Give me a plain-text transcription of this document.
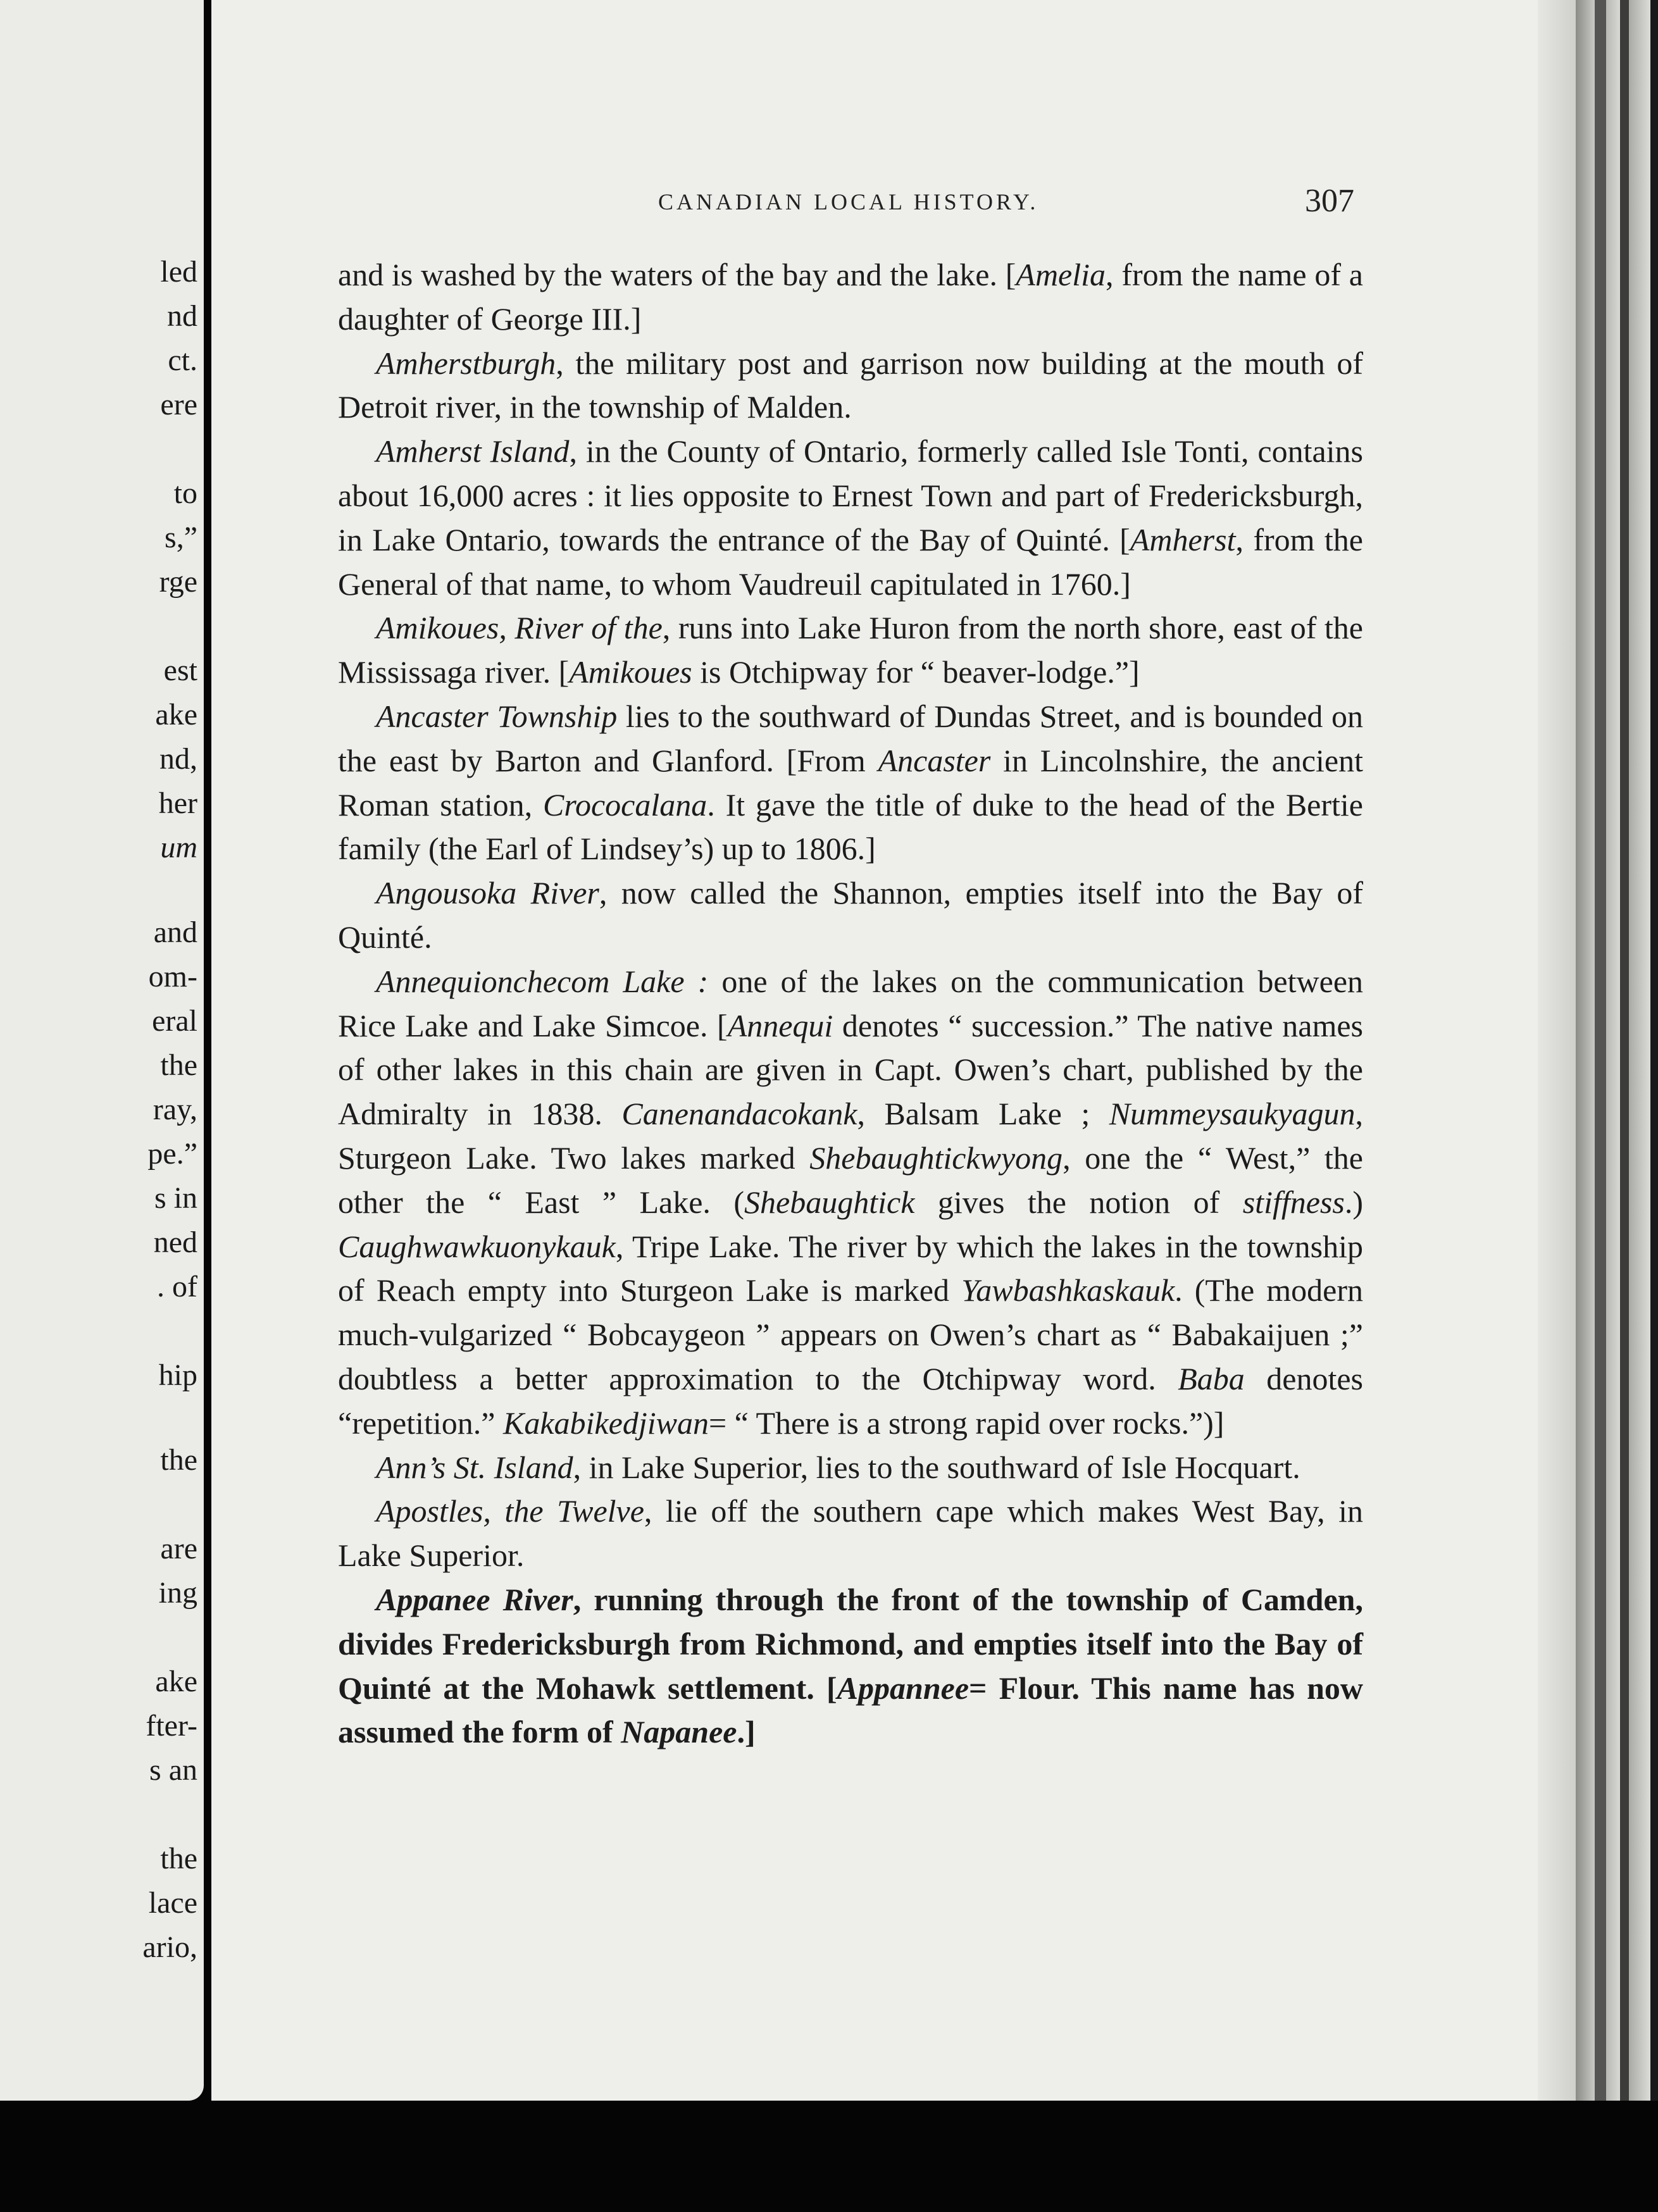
led
nd
ct.
ere
to
s,”
rge
est
ake
nd,
her
um
and
om-
eral
the
ray,
pe.”
s in
ned
. of
hip
the
are
ing
ake
fter-
s an
the
lace
ario,
CANADIAN LOCAL HISTORY.	307

and is washed by the waters of the bay and the lake. [Amelia, from the name of a daughter of George III.]

Amherstburgh, the military post and garrison now building at the mouth of Detroit river, in the township of Malden.

Amherst Island, in the County of Ontario, formerly called Isle Tonti, contains about 16,000 acres : it lies opposite to Ernest Town and part of Fredericksburgh, in Lake Ontario, towards the entrance of the Bay of Quinté. [Amherst, from the General of that name, to whom Vaudreuil capitulated in 1760.]

Amikoues, River of the, runs into Lake Huron from the north shore, east of the Mississaga river. [Amikoues is Otchipway for “ beaver-lodge.”]

Ancaster Township lies to the southward of Dundas Street, and is bounded on the east by Barton and Glanford. [From Ancaster in Lincolnshire, the ancient Roman station, Crococalana. It gave the title of duke to the head of the Bertie family (the Earl of Lindsey’s) up to 1806.]

Angousoka River, now called the Shannon, empties itself into the Bay of Quinté.

Annequionchecom Lake : one of the lakes on the communication between Rice Lake and Lake Simcoe. [Annequi denotes “ succession.” The native names of other lakes in this chain are given in Capt. Owen’s chart, published by the Admiralty in 1838. Canenandacokank, Balsam Lake ; Nummeysaukyagun, Sturgeon Lake. Two lakes marked Shebaughtickwyong, one the “ West,” the other the “ East ” Lake. (Shebaughtick gives the notion of stiffness.) Caughwawkuonykauk, Tripe Lake. The river by which the lakes in the township of Reach empty into Sturgeon Lake is marked Yawbashkaskauk. (The modern much-vulgarized “ Bobcaygeon ” appears on Owen’s chart as “ Babakaijuen ;” doubtless a better approximation to the Otchipway word. Baba denotes “repetition.” Kakabikedjiwan= “ There is a strong rapid over rocks.”)]

Ann’s St. Island, in Lake Superior, lies to the southward of Isle Hocquart.

Apostles, the Twelve, lie off the southern cape which makes West Bay, in Lake Superior.

Appanee River, running through the front of the township of Camden, divides Fredericksburgh from Richmond, and empties itself into the Bay of Quinté at the Mohawk settlement. [Appannee= Flour. This name has now assumed the form of Napanee.]
